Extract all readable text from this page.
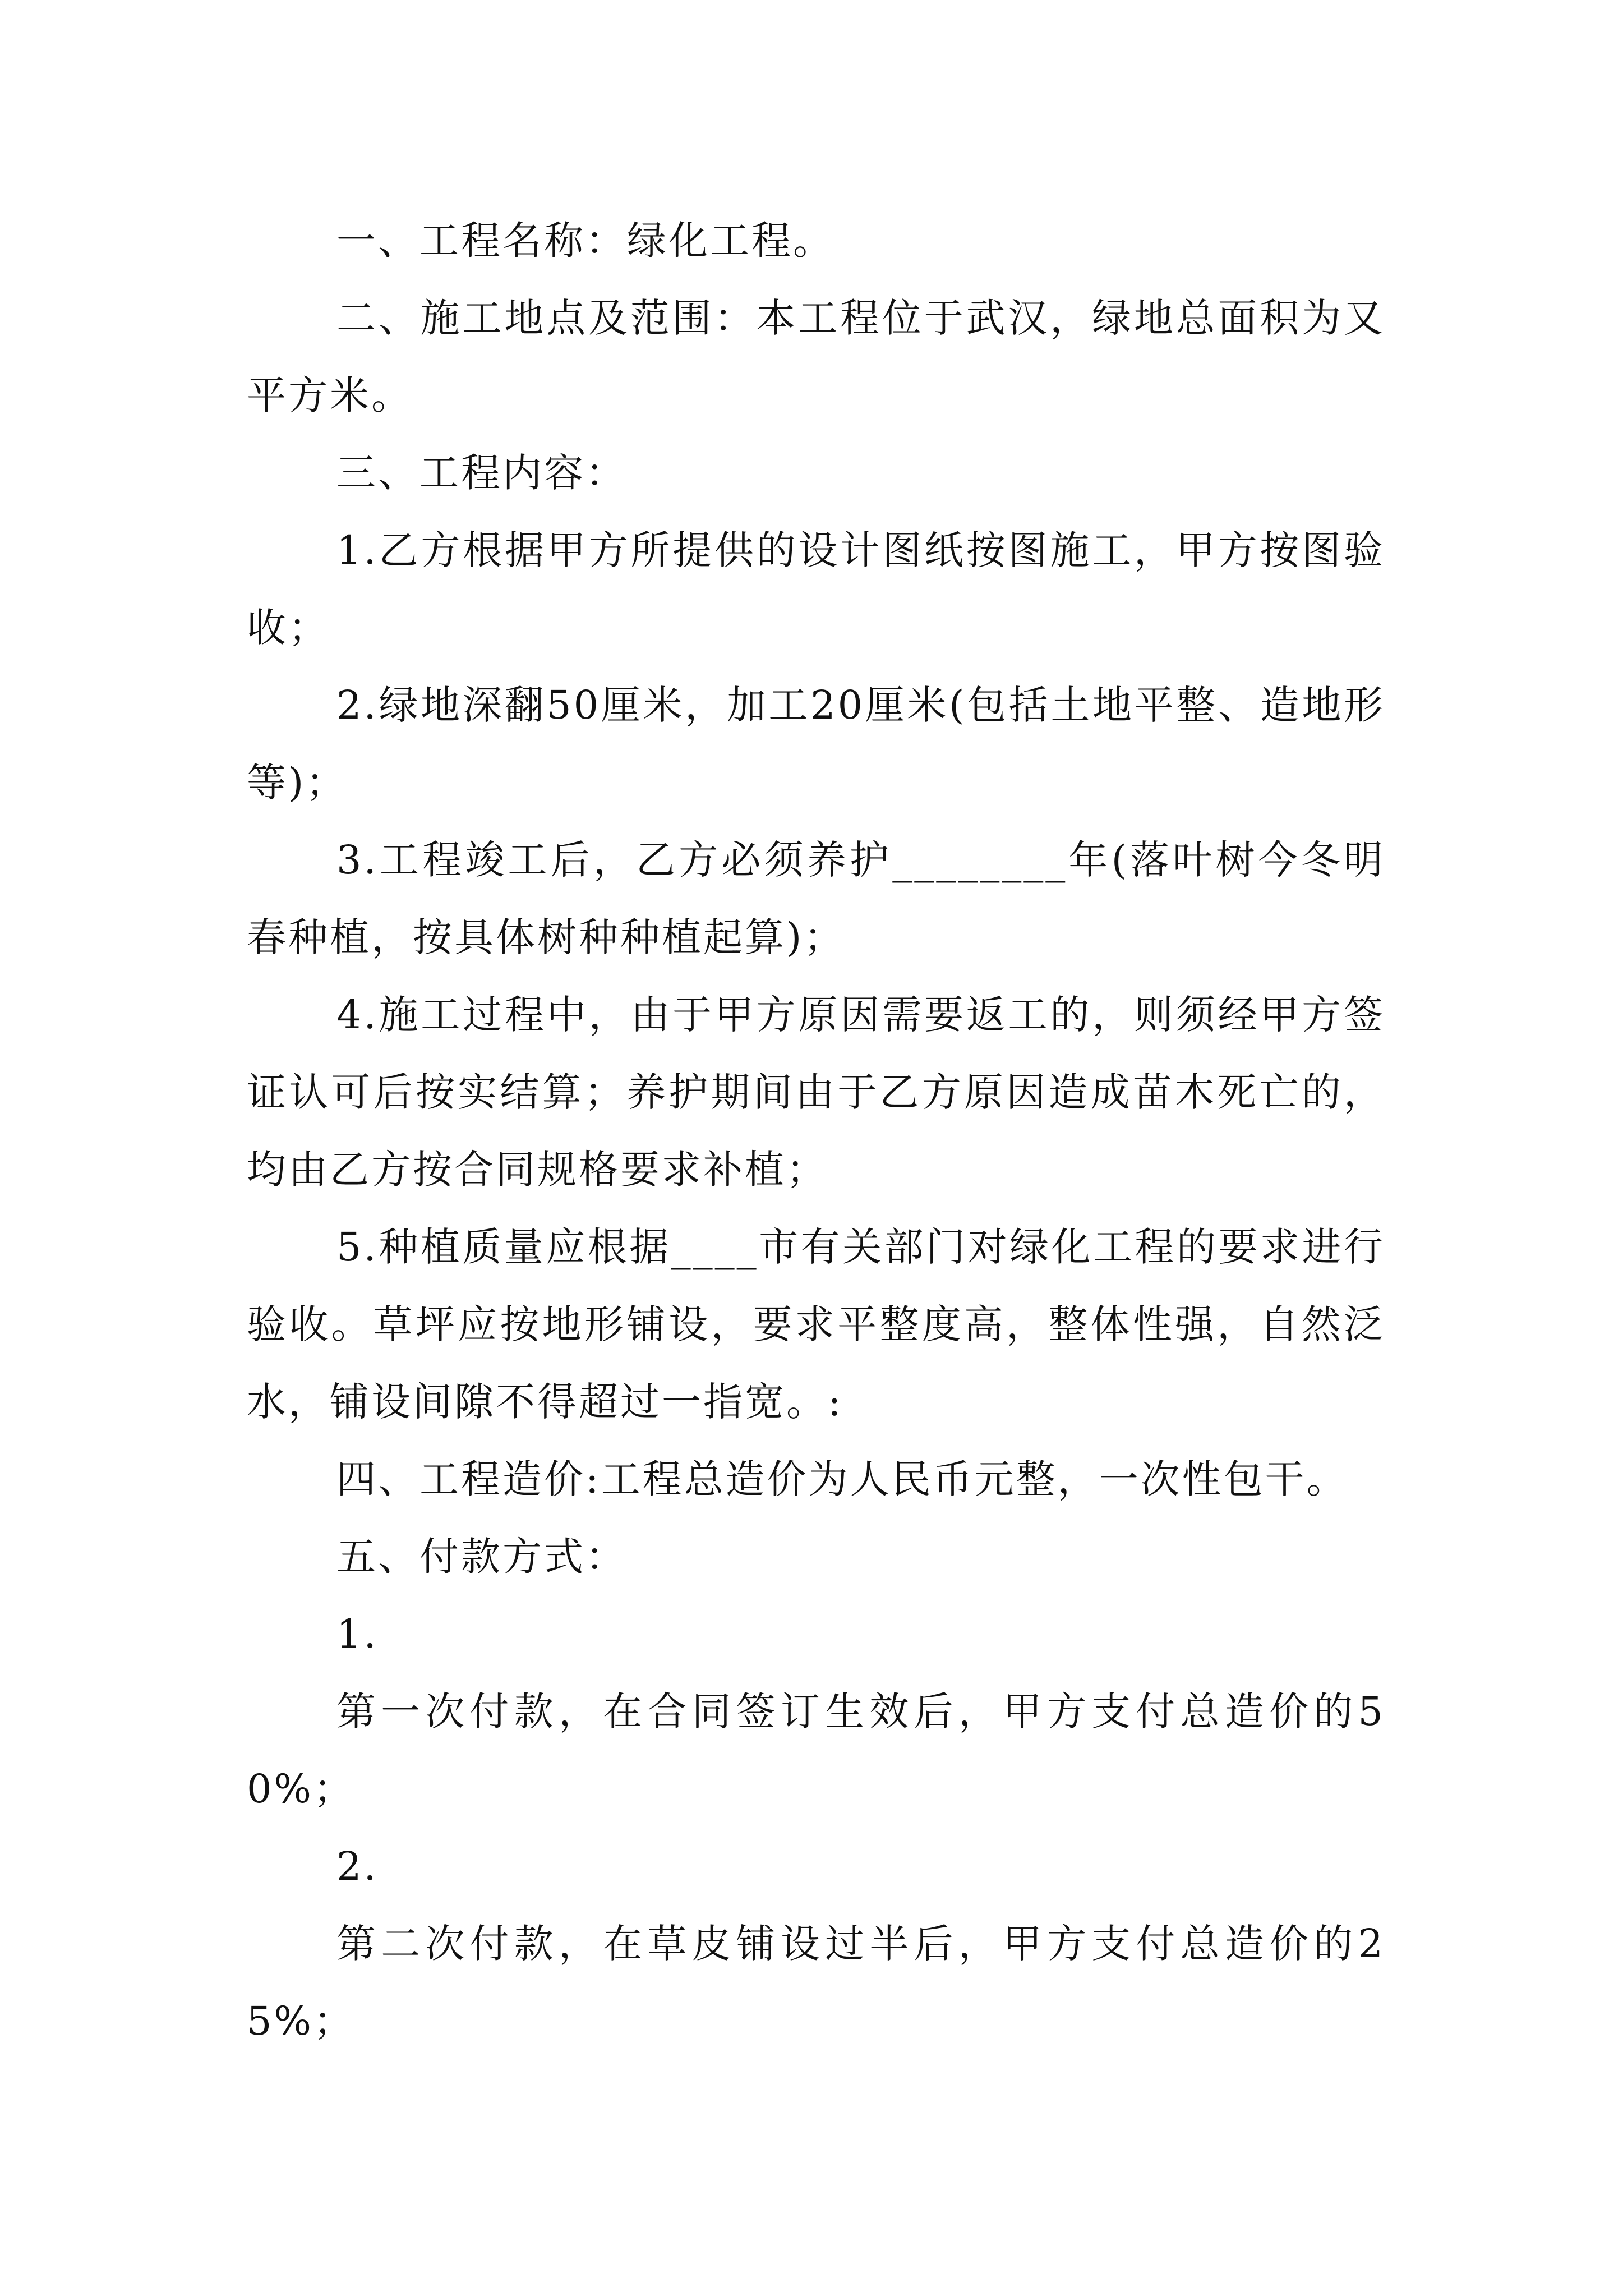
一、工程名称：绿化工程。

二、施工地点及范围：本工程位于武汉，绿地总面积为又平方米。

三、工程内容：

1.乙方根据甲方所提供的设计图纸按图施工，甲方按图验收；

2.绿地深翻50厘米，加工20厘米(包括土地平整、造地形等)；

3.工程竣工后，乙方必须养护________年(落叶树今冬明春种植，按具体树种种植起算)；

4.施工过程中，由于甲方原因需要返工的，则须经甲方签证认可后按实结算；养护期间由于乙方原因造成苗木死亡的，均由乙方按合同规格要求补植；

5.种植质量应根据____市有关部门对绿化工程的要求进行验收。草坪应按地形铺设，要求平整度高，整体性强，自然泛水，铺设间隙不得超过一指宽。:

四、工程造价:工程总造价为人民币元整，一次性包干。

五、付款方式：

1.

第一次付款，在合同签订生效后，甲方支付总造价的50%；

2.

第二次付款，在草皮铺设过半后，甲方支付总造价的25%；
